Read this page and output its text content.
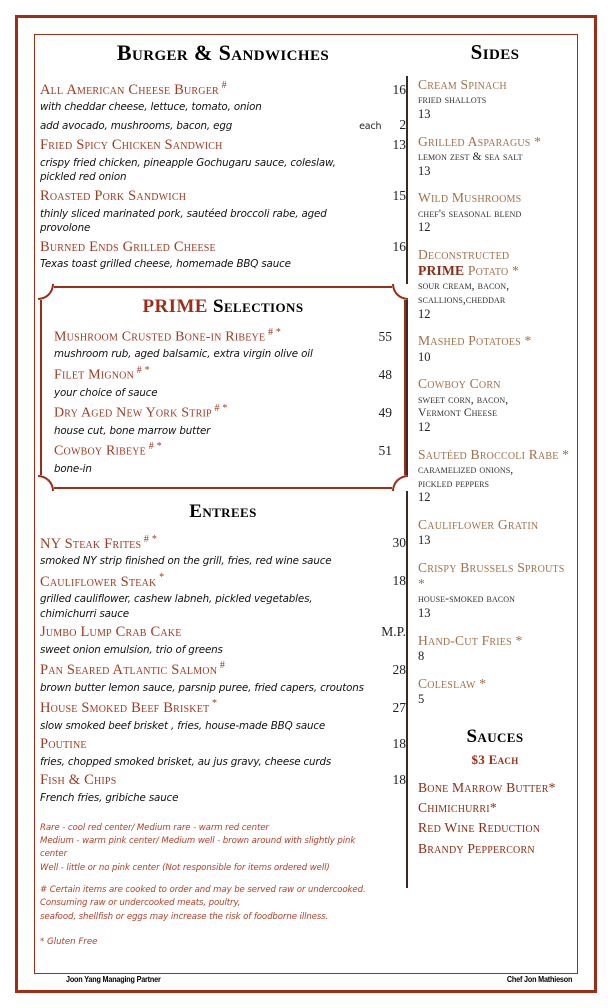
Burger & Sandwiches
All American Cheese Burger #	16
with cheddar cheese, lettuce, tomato, onion
add avocado, mushrooms, bacon, egg	each	2
Fried Spicy Chicken Sandwich	13
crispy fried chicken, pineapple Gochugaru sauce, coleslaw,
pickled red onion
Roasted Pork Sandwich	15
thinly sliced marinated pork, sautéed broccoli rabe, aged
provolone
Burned Ends Grilled Cheese	16
Texas toast grilled cheese, homemade BBQ sauce
PRIME Selections
Mushroom Crusted Bone-in Ribeye # *	55
mushroom rub, aged balsamic, extra virgin olive oil
Filet Mignon # *	48
your choice of sauce
Dry Aged New York Strip # *	49
house cut, bone marrow butter
Cowboy Ribeye # *	51
bone-in
Entrees
NY Steak Frites # *	30
smoked NY strip finished on the grill, fries, red wine sauce
Cauliflower Steak *	18
grilled cauliflower, cashew labneh, pickled vegetables,
chimichurri sauce
Jumbo Lump Crab Cake	M.P.
sweet onion emulsion, trio of greens
Pan Seared Atlantic Salmon #	28
brown butter lemon sauce, parsnip puree, fried capers, croutons
House Smoked Beef Brisket *	27
slow smoked beef brisket , fries, house-made BBQ sauce
Poutine	18
fries, chopped smoked brisket, au jus gravy, cheese curds
Fish & Chips	18
French fries, gribiche sauce

Rare - cool red center/ Medium rare - warm red center

Medium - warm pink center/ Medium well - brown around with slightly pink

center

Well - little or no pink center (Not responsible for items ordered well)

# Certain items are cooked to order and may be served raw or undercooked.

Consuming raw or undercooked meats, poultry,

seafood, shellfish or eggs may increase the risk of foodborne illness.

* Gluten Free
Sides
Cream Spinach
fried shallots
13
Grilled Asparagus *
lemon zest & sea salt
13
Wild Mushrooms
chef's seasonal blend
12
Deconstructed
PRIME Potato *
sour cream, bacon,
scallions,cheddar
12
Mashed Potatoes *
10
Cowboy Corn
sweet corn, bacon,
Vermont Cheese
12
Sautéed Broccoli Rabe *
caramelized onions,
pickled peppers
12
Cauliflower Gratin
13
Crispy Brussels Sprouts *
house-smoked bacon
13
Hand-Cut Fries *
8
Coleslaw *
5
Sauces
$3 Each
Bone Marrow Butter*
Chimichurri*
Red Wine Reduction
Brandy Peppercorn
Joon Yang Managing Partner	Chef Jon Mathieson
